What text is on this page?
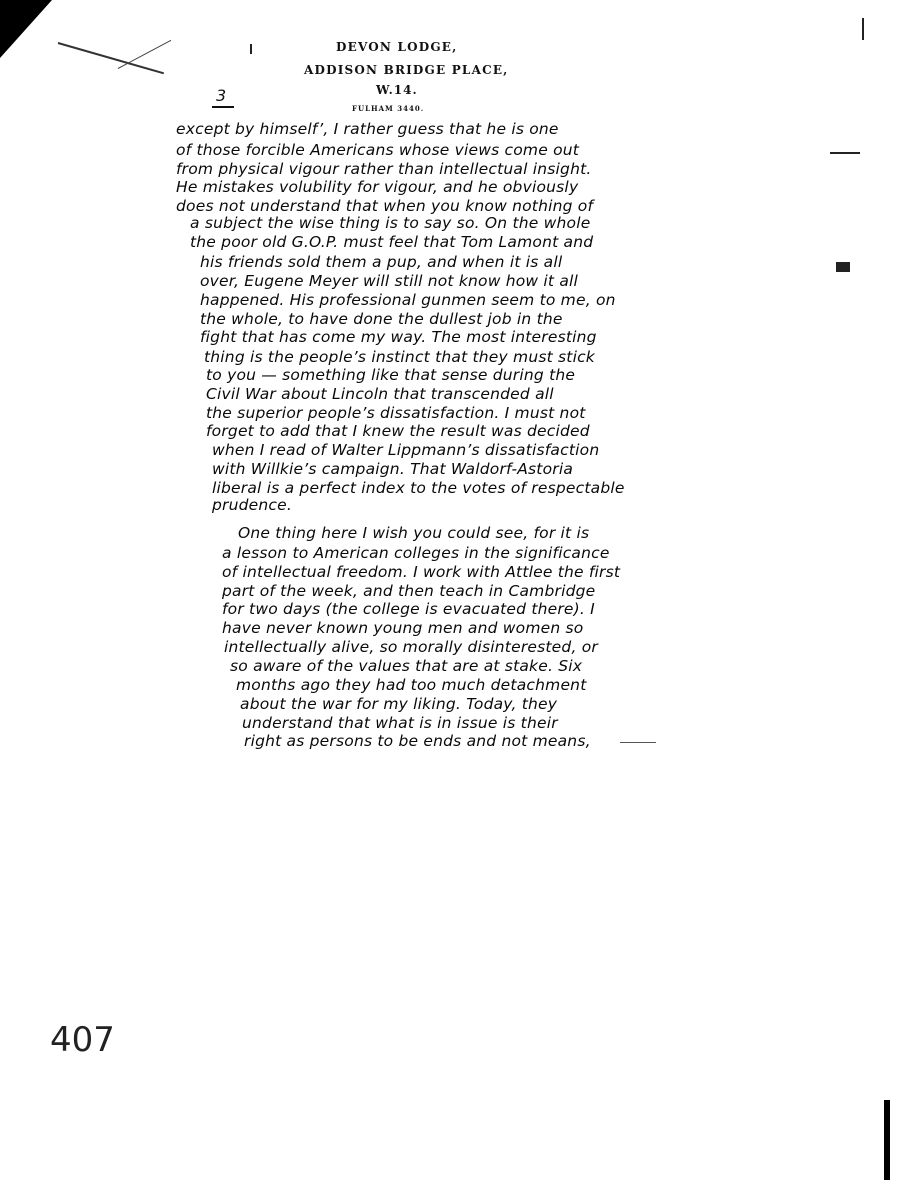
DEVON LODGE,
ADDISON BRIDGE PLACE,
W.14.
FULHAM 3440.
3
except by himself’, I rather guess that he is one
of those forcible Americans whose views come out
from physical vigour rather than intellectual insight.
He mistakes volubility for vigour, and he obviously
does not understand that when you know nothing of
a subject the wise thing is to say so. On the whole
the poor old G.O.P. must feel that Tom Lamont and
his friends sold them a pup, and when it is all
over, Eugene Meyer will still not know how it all
happened. His professional gunmen seem to me, on
the whole, to have done the dullest job in the
fight that has come my way. The most interesting
thing is the people’s instinct that they must stick
to you — something like that sense during the
Civil War about Lincoln that transcended all
the superior people’s dissatisfaction. I must not
forget to add that I knew the result was decided
when I read of Walter Lippmann’s dissatisfaction
with Willkie’s campaign. That Waldorf-Astoria
liberal is a perfect index to the votes of respectable
prudence.
One thing here I wish you could see, for it is
a lesson to American colleges in the significance
of intellectual freedom. I work with Attlee the first
part of the week, and then teach in Cambridge
for two days (the college is evacuated there). I
have never known young men and women so
intellectually alive, so morally disinterested, or
so aware of the values that are at stake. Six
months ago they had too much detachment
about the war for my liking. Today, they
understand that what is in issue is their
right as persons to be ends and not means,
407
